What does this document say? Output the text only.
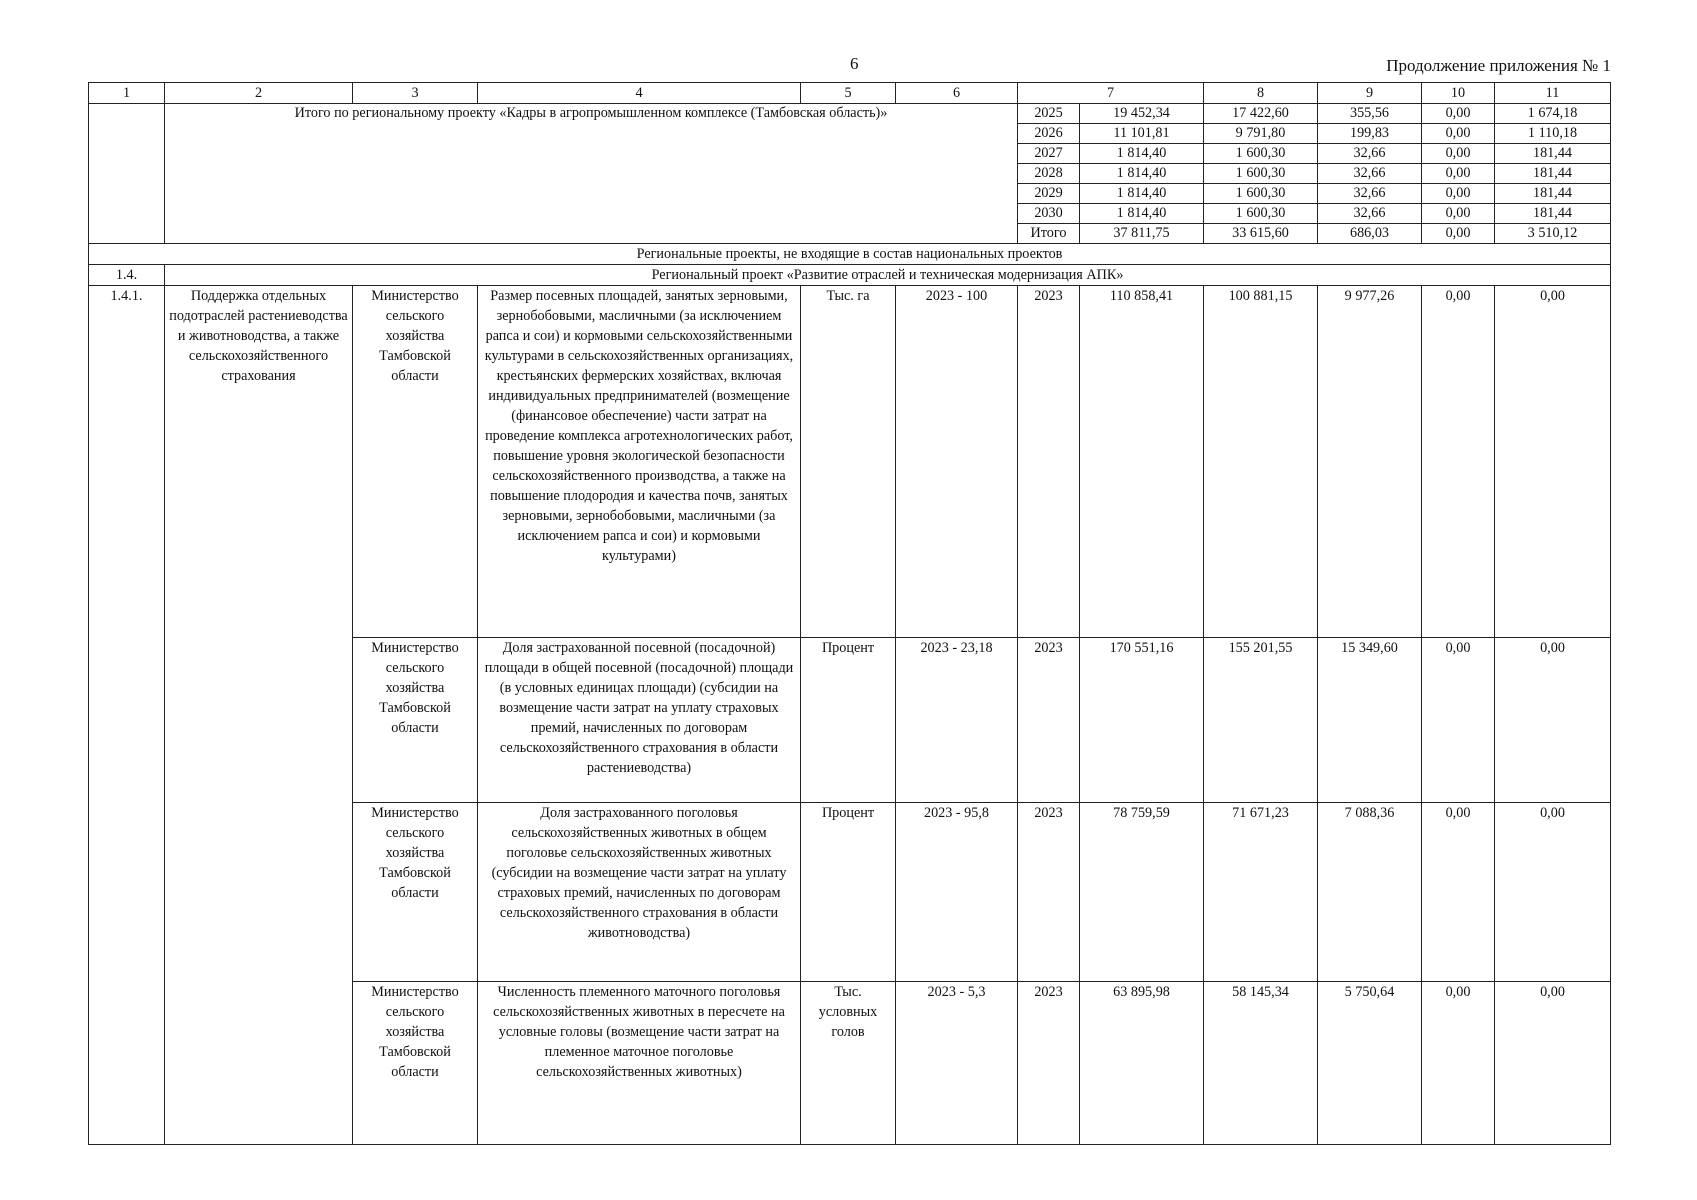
6	Продолжение приложения № 1
1	2	3	4	5	6	7		8	9	10	11
	Итого по региональному проекту «Кадры в агропромышленном комплексе (Тамбовская область)»					2025	19 452,34	17 422,60	355,56	0,00	1 674,18
						2026	11 101,81	9 791,80	199,83	0,00	1 110,18
						2027	1 814,40	1 600,30	32,66	0,00	181,44
						2028	1 814,40	1 600,30	32,66	0,00	181,44
						2029	1 814,40	1 600,30	32,66	0,00	181,44
						2030	1 814,40	1 600,30	32,66	0,00	181,44
						Итого	37 811,75	33 615,60	686,03	0,00	3 510,12
Региональные проекты, не входящие в состав национальных проектов											
1.4.	Региональный проект «Развитие отраслей и техническая модернизация АПК»										
1.4.1.	Поддержка отдельных подотраслей растениеводства и животноводства, а также сельскохозяйственного страхования	Министерство сельского хозяйства Тамбовской области	Размер посевных площадей, занятых зерновыми, зернобобовыми, масличными (за исключением рапса и сои) и кормовыми сельскохозяйственными культурами в сельскохозяйственных организациях, крестьянских фермерских хозяйствах, включая индивидуальных предпринимателей (возмещение (финансовое обеспечение) части затрат на проведение комплекса агротехнологических работ, повышение уровня экологической безопасности сельскохозяйственного производства, а также на повышение плодородия и качества почв, занятых зерновыми, зернобобовыми, масличными (за исключением рапса и сои) и кормовыми культурами)	Тыс. га	2023 - 100	2023	110 858,41	100 881,15	9 977,26	0,00	0,00
		Министерство сельского хозяйства Тамбовской области	Доля застрахованной посевной (посадочной) площади в общей посевной (посадочной) площади (в условных единицах площади) (субсидии на возмещение части затрат на уплату страховых премий, начисленных по договорам сельскохозяйственного страхования в области растениеводства)	Процент	2023 - 23,18	2023	170 551,16	155 201,55	15 349,60	0,00	0,00
		Министерство сельского хозяйства Тамбовской области	Доля застрахованного поголовья сельскохозяйственных животных в общем поголовье сельскохозяйственных животных (субсидии на возмещение части затрат на уплату страховых премий, начисленных по договорам сельскохозяйственного страхования в области животноводства)	Процент	2023 - 95,8	2023	78 759,59	71 671,23	7 088,36	0,00	0,00
		Министерство сельского хозяйства Тамбовской области	Численность племенного маточного поголовья сельскохозяйственных животных в пересчете на условные головы (возмещение части затрат на племенное маточное поголовье сельскохозяйственных животных)	Тыс. условных голов	2023 - 5,3	2023	63 895,98	58 145,34	5 750,64	0,00	0,00
